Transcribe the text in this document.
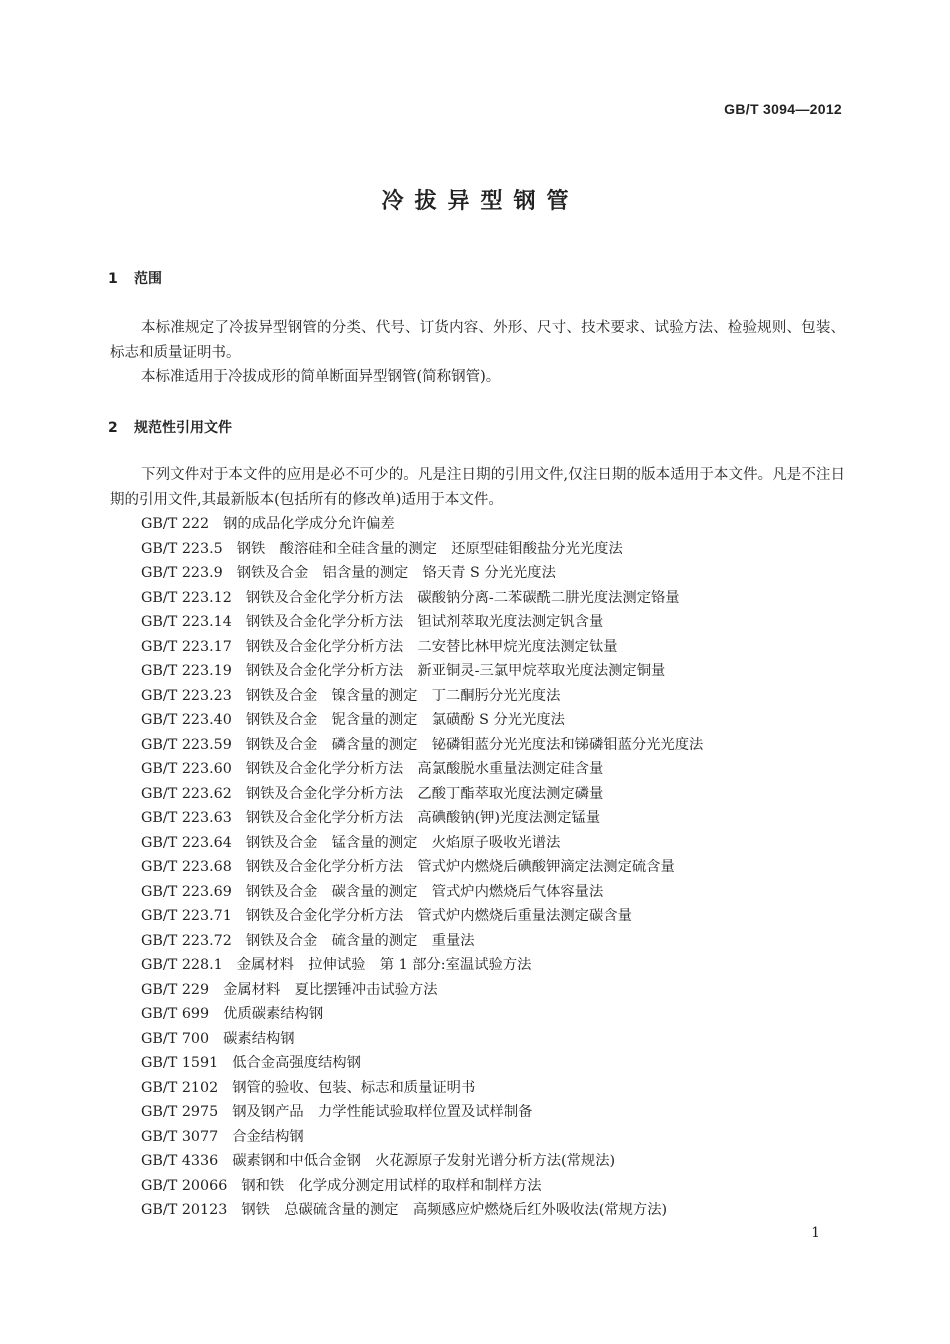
GB/T 3094—2012
冷拔异型钢管
1 范围

本标准规定了冷拔异型钢管的分类、代号、订货内容、外形、尺寸、技术要求、试验方法、检验规则、包装、标志和质量证明书。

本标准适用于冷拔成形的简单断面异型钢管(简称钢管)。

2 规范性引用文件

下列文件对于本文件的应用是必不可少的。凡是注日期的引用文件,仅注日期的版本适用于本文件。凡是不注日期的引用文件,其最新版本(包括所有的修改单)适用于本文件。

GB/T 222 钢的成品化学成分允许偏差
GB/T 223.5 钢铁　酸溶硅和全硅含量的测定　还原型硅钼酸盐分光光度法
GB/T 223.9 钢铁及合金　铝含量的测定　铬天青 S 分光光度法
GB/T 223.12 钢铁及合金化学分析方法　碳酸钠分离-二苯碳酰二肼光度法测定铬量
GB/T 223.14 钢铁及合金化学分析方法　钽试剂萃取光度法测定钒含量
GB/T 223.17 钢铁及合金化学分析方法　二安替比林甲烷光度法测定钛量
GB/T 223.19 钢铁及合金化学分析方法　新亚铜灵-三氯甲烷萃取光度法测定铜量
GB/T 223.23 钢铁及合金　镍含量的测定　丁二酮肟分光光度法
GB/T 223.40 钢铁及合金　铌含量的测定　氯磺酚 S 分光光度法
GB/T 223.59 钢铁及合金　磷含量的测定　铋磷钼蓝分光光度法和锑磷钼蓝分光光度法
GB/T 223.60 钢铁及合金化学分析方法　高氯酸脱水重量法测定硅含量
GB/T 223.62 钢铁及合金化学分析方法　乙酸丁酯萃取光度法测定磷量
GB/T 223.63 钢铁及合金化学分析方法　高碘酸钠(钾)光度法测定锰量
GB/T 223.64 钢铁及合金　锰含量的测定　火焰原子吸收光谱法
GB/T 223.68 钢铁及合金化学分析方法　管式炉内燃烧后碘酸钾滴定法测定硫含量
GB/T 223.69 钢铁及合金　碳含量的测定　管式炉内燃烧后气体容量法
GB/T 223.71 钢铁及合金化学分析方法　管式炉内燃烧后重量法测定碳含量
GB/T 223.72 钢铁及合金　硫含量的测定　重量法
GB/T 228.1 金属材料　拉伸试验　第 1 部分:室温试验方法
GB/T 229 金属材料　夏比摆锤冲击试验方法
GB/T 699 优质碳素结构钢
GB/T 700 碳素结构钢
GB/T 1591 低合金高强度结构钢
GB/T 2102 钢管的验收、包装、标志和质量证明书
GB/T 2975 钢及钢产品　力学性能试验取样位置及试样制备
GB/T 3077 合金结构钢
GB/T 4336 碳素钢和中低合金钢　火花源原子发射光谱分析方法(常规法)
GB/T 20066 钢和铁　化学成分测定用试样的取样和制样方法
GB/T 20123 钢铁　总碳硫含量的测定　高频感应炉燃烧后红外吸收法(常规方法)
1
